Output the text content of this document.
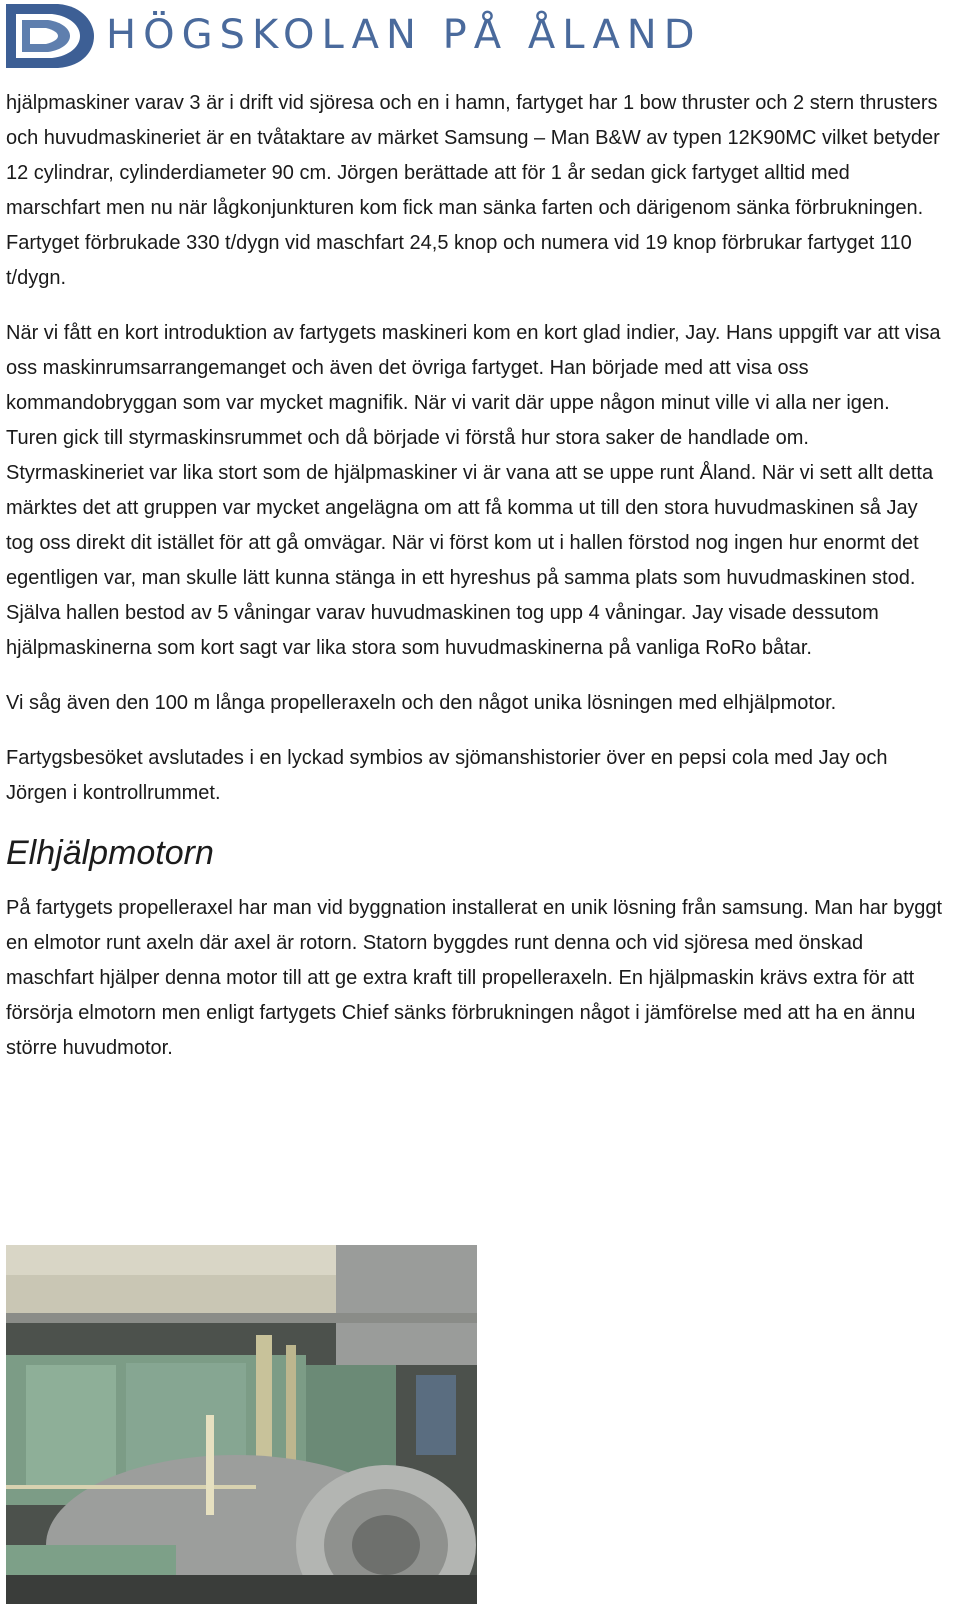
HÖGSKOLAN PÅ ÅLAND

hjälpmaskiner varav 3 är i drift vid sjöresa och en i hamn, fartyget har 1 bow thruster och 2 stern thrusters och huvudmaskineriet är en tvåtaktare av märket Samsung – Man B&W av typen 12K90MC vilket betyder 12 cylindrar, cylinderdiameter 90 cm. Jörgen berättade att för 1 år sedan gick fartyget alltid med marschfart men nu när lågkonjunkturen kom fick man sänka farten och därigenom sänka förbrukningen. Fartyget förbrukade 330 t/dygn vid maschfart 24,5 knop och numera vid 19 knop förbrukar fartyget 110 t/dygn.

När vi fått en kort introduktion av fartygets maskineri kom en kort glad indier, Jay. Hans uppgift var att visa oss maskinrumsarrangemanget och även det övriga fartyget. Han började med att visa oss kommandobryggan som var mycket magnifik. När vi varit där uppe någon minut ville vi alla ner igen. Turen gick till styrmaskinsrummet och då började vi förstå hur stora saker de handlade om. Styrmaskineriet var lika stort som de hjälpmaskiner vi är vana att se uppe runt Åland. När vi sett allt detta märktes det att gruppen var mycket angelägna om att få komma ut till den stora huvudmaskinen så Jay tog oss direkt dit istället för att gå omvägar. När vi först kom ut i hallen förstod nog ingen hur enormt det egentligen var, man skulle lätt kunna stänga in ett hyreshus på samma plats som huvudmaskinen stod. Själva hallen bestod av 5 våningar varav huvudmaskinen tog upp 4 våningar. Jay visade dessutom hjälpmaskinerna som kort sagt var lika stora som huvudmaskinerna på vanliga RoRo båtar.

Vi såg även den 100 m långa propelleraxeln och den något unika lösningen med elhjälpmotor.

Fartygsbesöket avslutades i en lyckad symbios av sjömanshistorier över en pepsi cola med Jay och Jörgen i kontrollrummet.

Elhjälpmotorn

På fartygets propelleraxel har man vid byggnation installerat en unik lösning från samsung. Man har byggt en elmotor runt axeln där axel är rotorn. Statorn byggdes runt denna och vid sjöresa med önskad maschfart hjälper denna motor till att ge extra kraft till propelleraxeln. En hjälpmaskin krävs extra för att försörja elmotorn men enligt fartygets Chief sänks förbrukningen något i jämförelse med att ha en ännu större huvudmotor.
